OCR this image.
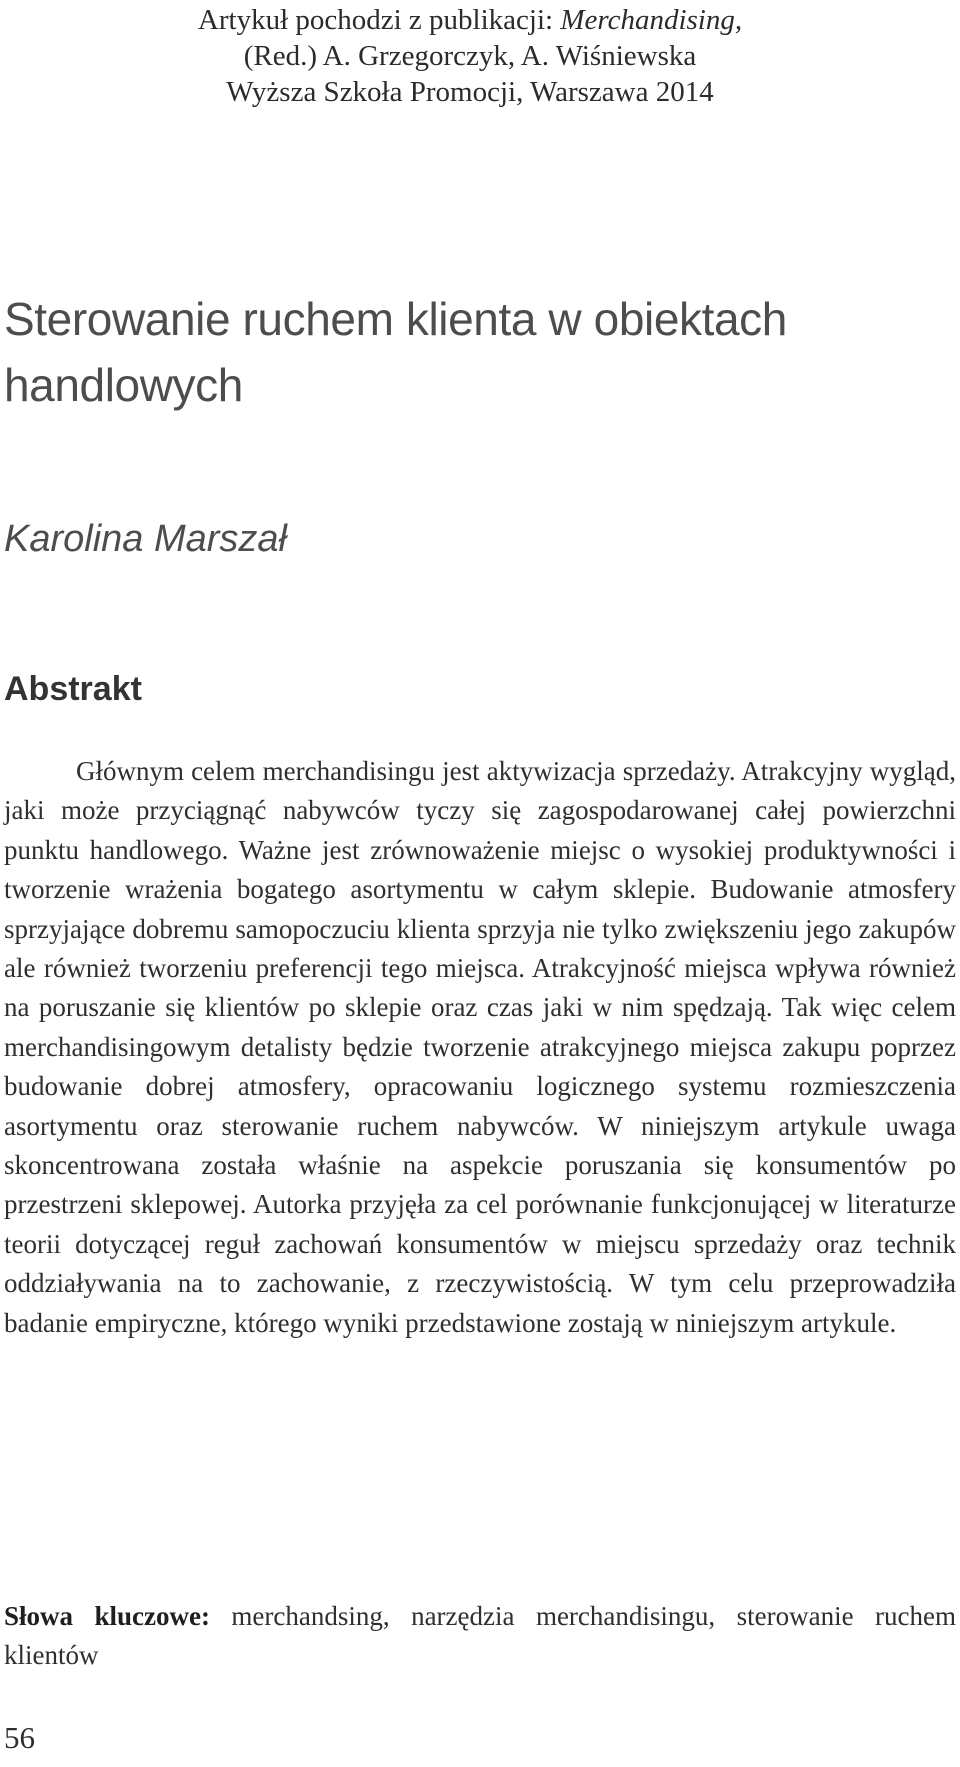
Artykuł pochodzi z publikacji: Merchandising,
(Red.) A. Grzegorczyk, A. Wiśniewska
Wyższa Szkoła Promocji, Warszawa 2014
Sterowanie ruchem klienta w obiektach handlowych

Karolina Marszał

Abstrakt

Głównym celem merchandisingu jest aktywizacja sprzedaży. Atrakcyjny wygląd, jaki może przyciągnąć nabywców tyczy się zagospodarowanej całej powierzchni punktu handlowego. Ważne jest zrównoważenie miejsc o wysokiej produktywności i tworzenie wrażenia bogatego asortymentu w całym sklepie. Budowanie atmosfery sprzyjające dobremu samopoczuciu klienta sprzyja nie tylko zwiększeniu jego zakupów ale również tworzeniu preferencji tego miejsca. Atrakcyjność miejsca wpływa również na poruszanie się klientów po sklepie oraz czas jaki w nim spędzają. Tak więc celem merchandisingowym detalisty będzie tworzenie atrakcyjnego miejsca zakupu poprzez budowanie dobrej atmosfery, opracowaniu logicznego systemu rozmieszczenia asortymentu oraz sterowanie ruchem nabywców. W niniejszym artykule uwaga skoncentrowana została właśnie na aspekcie poruszania się konsumentów po przestrzeni sklepowej. Autorka przyjęła za cel porównanie funkcjonującej w literaturze teorii dotyczącej reguł zachowań konsumentów w miejscu sprzedaży oraz technik oddziaływania na to zachowanie, z rzeczywistością. W tym celu przeprowadziła badanie empiryczne, którego wyniki przedstawione zostają w niniejszym artykule.

Słowa kluczowe: merchandsing, narzędzia merchandisingu, sterowanie ruchem klientów

56
